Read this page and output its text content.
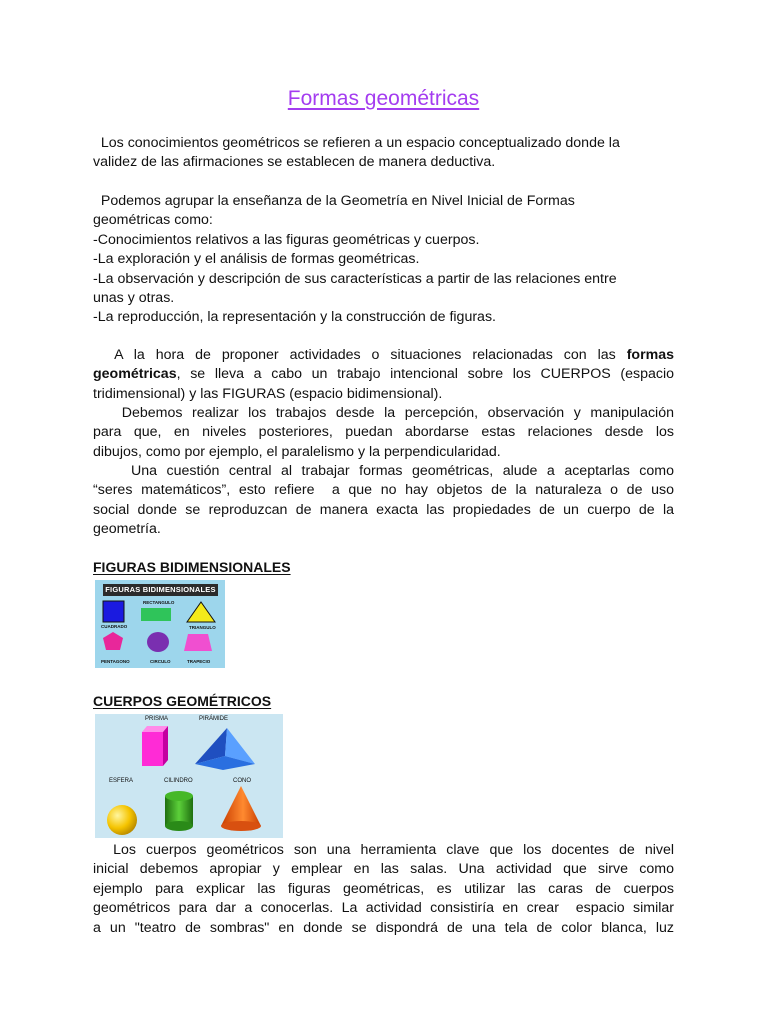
Formas geométricas
Los conocimientos geométricos se refieren a un espacio conceptualizado donde la
validez de las afirmaciones se establecen de manera deductiva.
Podemos agrupar la enseñanza de la Geometría en Nivel Inicial de Formas
geométricas como:
-Conocimientos relativos a las figuras geométricas y cuerpos.
-La exploración y el análisis de formas geométricas.
-La observación y descripción de sus características a partir de las relaciones entre
unas y otras.
-La reproducción, la representación y la construcción de figuras.
A la hora de proponer actividades o situaciones relacionadas con las formas
geométricas, se lleva a cabo un trabajo intencional sobre los CUERPOS (espacio
tridimensional) y las FIGURAS (espacio bidimensional).
Debemos realizar los trabajos desde la percepción, observación y manipulación
para que, en niveles posteriores, puedan abordarse estas relaciones desde los
dibujos, como por ejemplo, el paralelismo y la perpendicularidad.
Una cuestión central al trabajar formas geométricas, alude a aceptarlas como
“seres matemáticos”, esto refiere  a que no hay objetos de la naturaleza o de uso
social donde se reproduzcan de manera exacta las propiedades de un cuerpo de la
geometría.
FIGURAS BIDIMENSIONALES
FIGURAS BIDIMENSIONALES
CUADRADO
RECTANGULO
TRIANGULO
PENTAGONO	CIRCULO	TRAPECIO
CUERPOS GEOMÉTRICOS
PRISMA	PIRÁMIDE
ESFERA	CILINDRO	CONO
Los cuerpos geométricos son una herramienta clave que los docentes de nivel
inicial debemos apropiar y emplear en las salas. Una actividad que sirve como
ejemplo para explicar las figuras geométricas, es utilizar las caras de cuerpos
geométricos para dar a conocerlas. La actividad consistiría en crear  espacio similar
a un "teatro de sombras" en donde se dispondrá de una tela de color blanca, luz
